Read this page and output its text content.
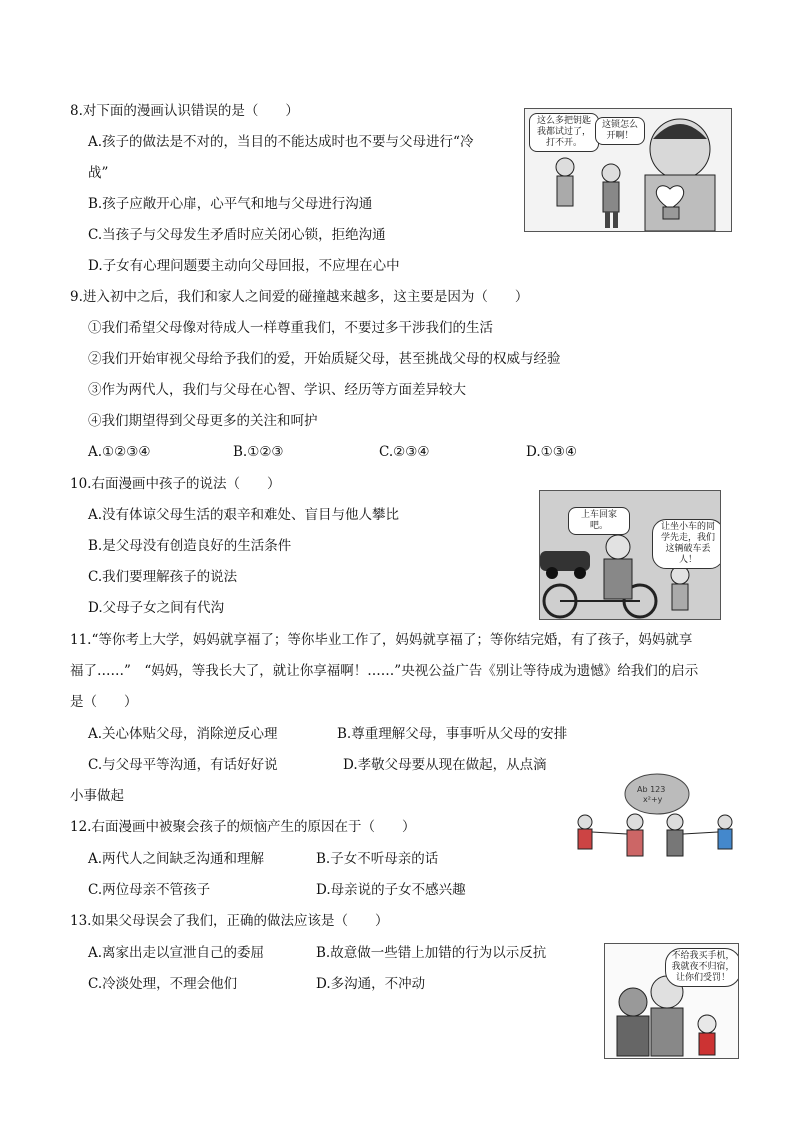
8.对下面的漫画认识错误的是（　　）
A.孩子的做法是不对的，当目的不能达成时也不要与父母进行“冷
战”
B.孩子应敞开心扉，心平气和地与父母进行沟通
C.当孩子与父母发生矛盾时应关闭心锁，拒绝沟通
D.子女有心理问题要主动向父母回报，不应埋在心中
这么多把钥匙我都试过了，打不开。
这锁怎么开啊！
9.进入初中之后，我们和家人之间爱的碰撞越来越多，这主要是因为（　　）
①我们希望父母像对待成人一样尊重我们，不要过多干涉我们的生活
②我们开始审视父母给予我们的爱，开始质疑父母，甚至挑战父母的权威与经验
③作为两代人，我们与父母在心智、学识、经历等方面差异较大
④我们期望得到父母更多的关注和呵护
A.①②③④	B.①②③	C.②③④	D.①③④
10.右面漫画中孩子的说法（　　）
A.没有体谅父母生活的艰辛和难处、盲目与他人攀比
B.是父母没有创造良好的生活条件
C.我们要理解孩子的说法
D.父母子女之间有代沟
上车回家吧。	让坐小车的同学先走，我们这辆破车丢人！
11.“等你考上大学，妈妈就享福了；等你毕业工作了，妈妈就享福了；等你结完婚，有了孩子，妈妈就享
福了……”　“妈妈，等我长大了，就让你享福啊！……”央视公益广告《别让等待成为遗憾》给我们的启示
是（　　）
A.关心体贴父母，消除逆反心理	B.尊重理解父母，事事听从父母的安排
C.与父母平等沟通，有话好好说	D.孝敬父母要从现在做起，从点滴
小事做起
12.右面漫画中被聚会孩子的烦恼产生的原因在于（　　）
A.两代人之间缺乏沟通和理解	B.子女不听母亲的话
C.两位母亲不管孩子	D.母亲说的子女不感兴趣
Ab 123
x²+y
13.如果父母误会了我们，正确的做法应该是（　　）
A.离家出走以宣泄自己的委屈	B.故意做一些错上加错的行为以示反抗
C.冷淡处理，不理会他们	D.多沟通，不冲动
不给我买手机，我就夜不归宿，让你们受罚！
